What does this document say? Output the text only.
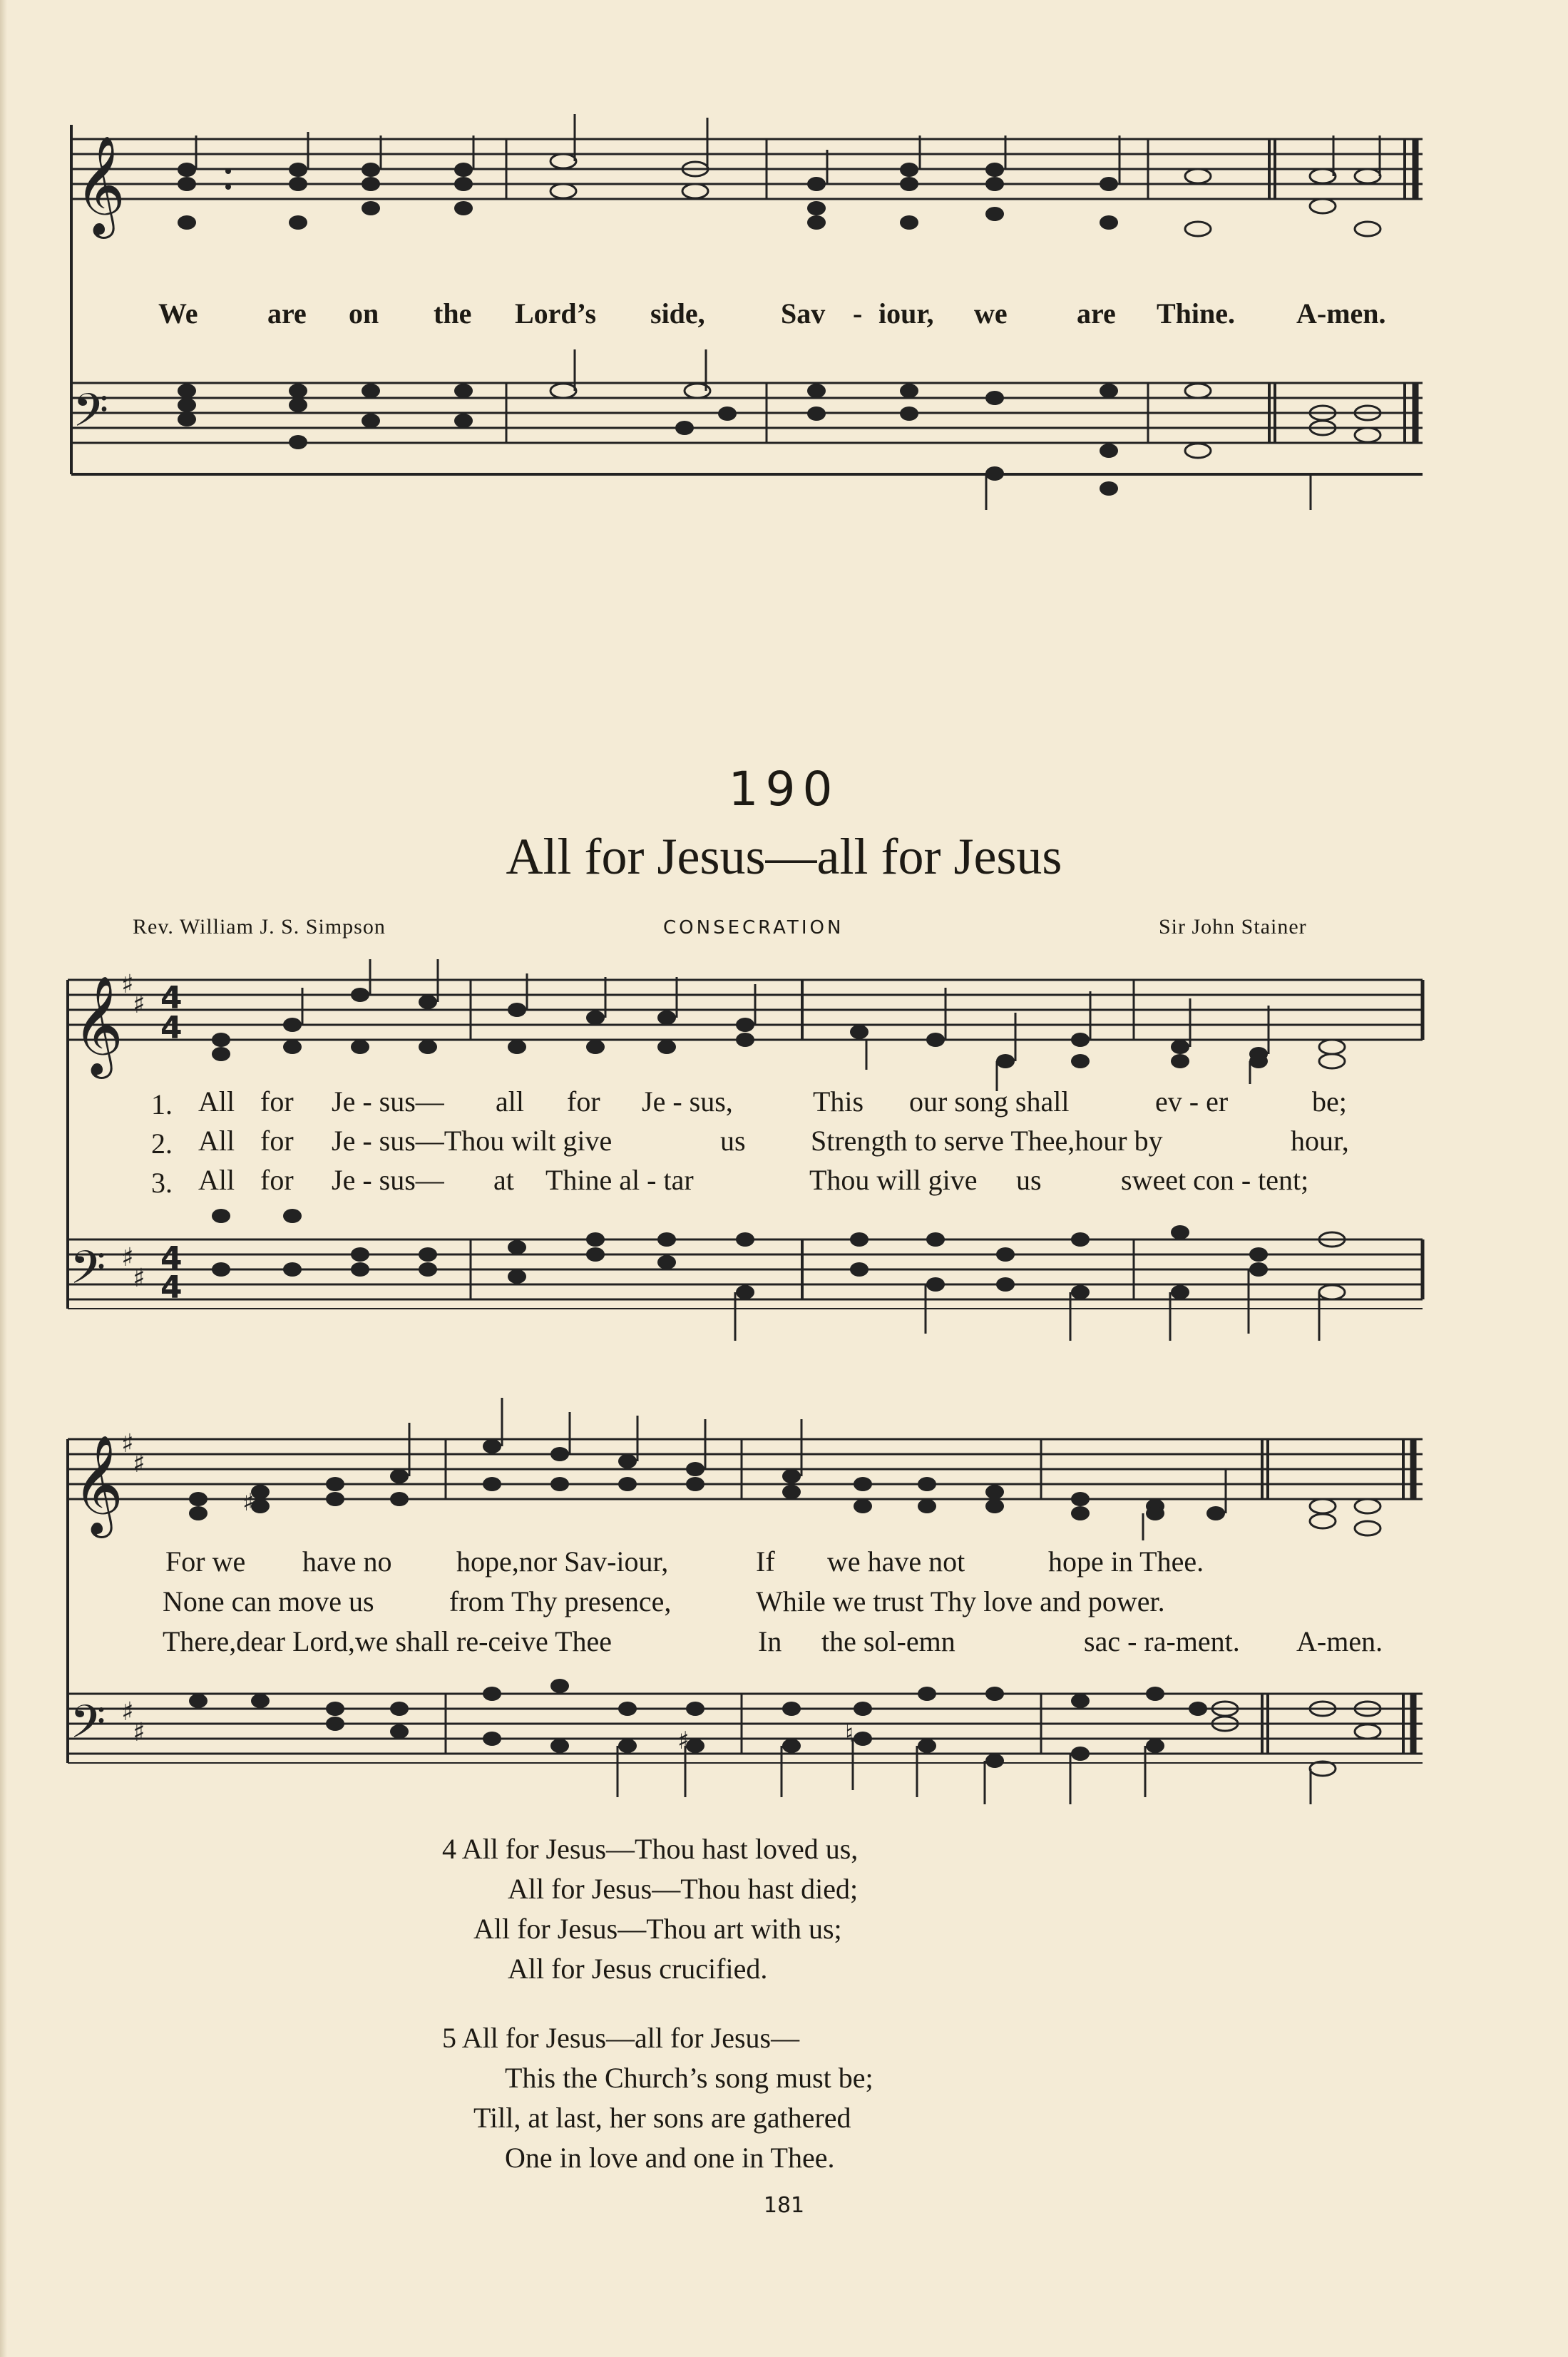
𝄞
𝄢
We are on the Lord’s side,	Sav - iour, we are Thine. A-men.
190
All for Jesus—all for Jesus
Rev. William J. S. Simpson	CONSECRATION	Sir John Stainer
𝄞
𝄢
♯
♯
♯
♯
4
4
4
4
1.
2.
3.
All for Je - sus— all for Je - sus,	This our song shall	ev - er	be;
All for Je - sus—Thou wilt give	us Strength to serve Thee,hour by	hour,
All for Je - sus— at Thine al - tar	Thou will give us	sweet con - tent;
𝄞
𝄢
♯
♯
♯
♯
♯
♯	♮
For we have no hope,nor Sav-iour,	If we have not	hope in Thee.
None can move us	from Thy presence,	While we trust Thy love and power.
There,dear Lord,we shall re-ceive Thee	In the sol-emn	sac - ra-ment. A-men.
4 All for Jesus—Thou hast loved us,
All for Jesus—Thou hast died;
All for Jesus—Thou art with us;
All for Jesus crucified.
5 All for Jesus—all for Jesus—
This the Church’s song must be;
Till, at last, her sons are gathered
One in love and one in Thee.
181
